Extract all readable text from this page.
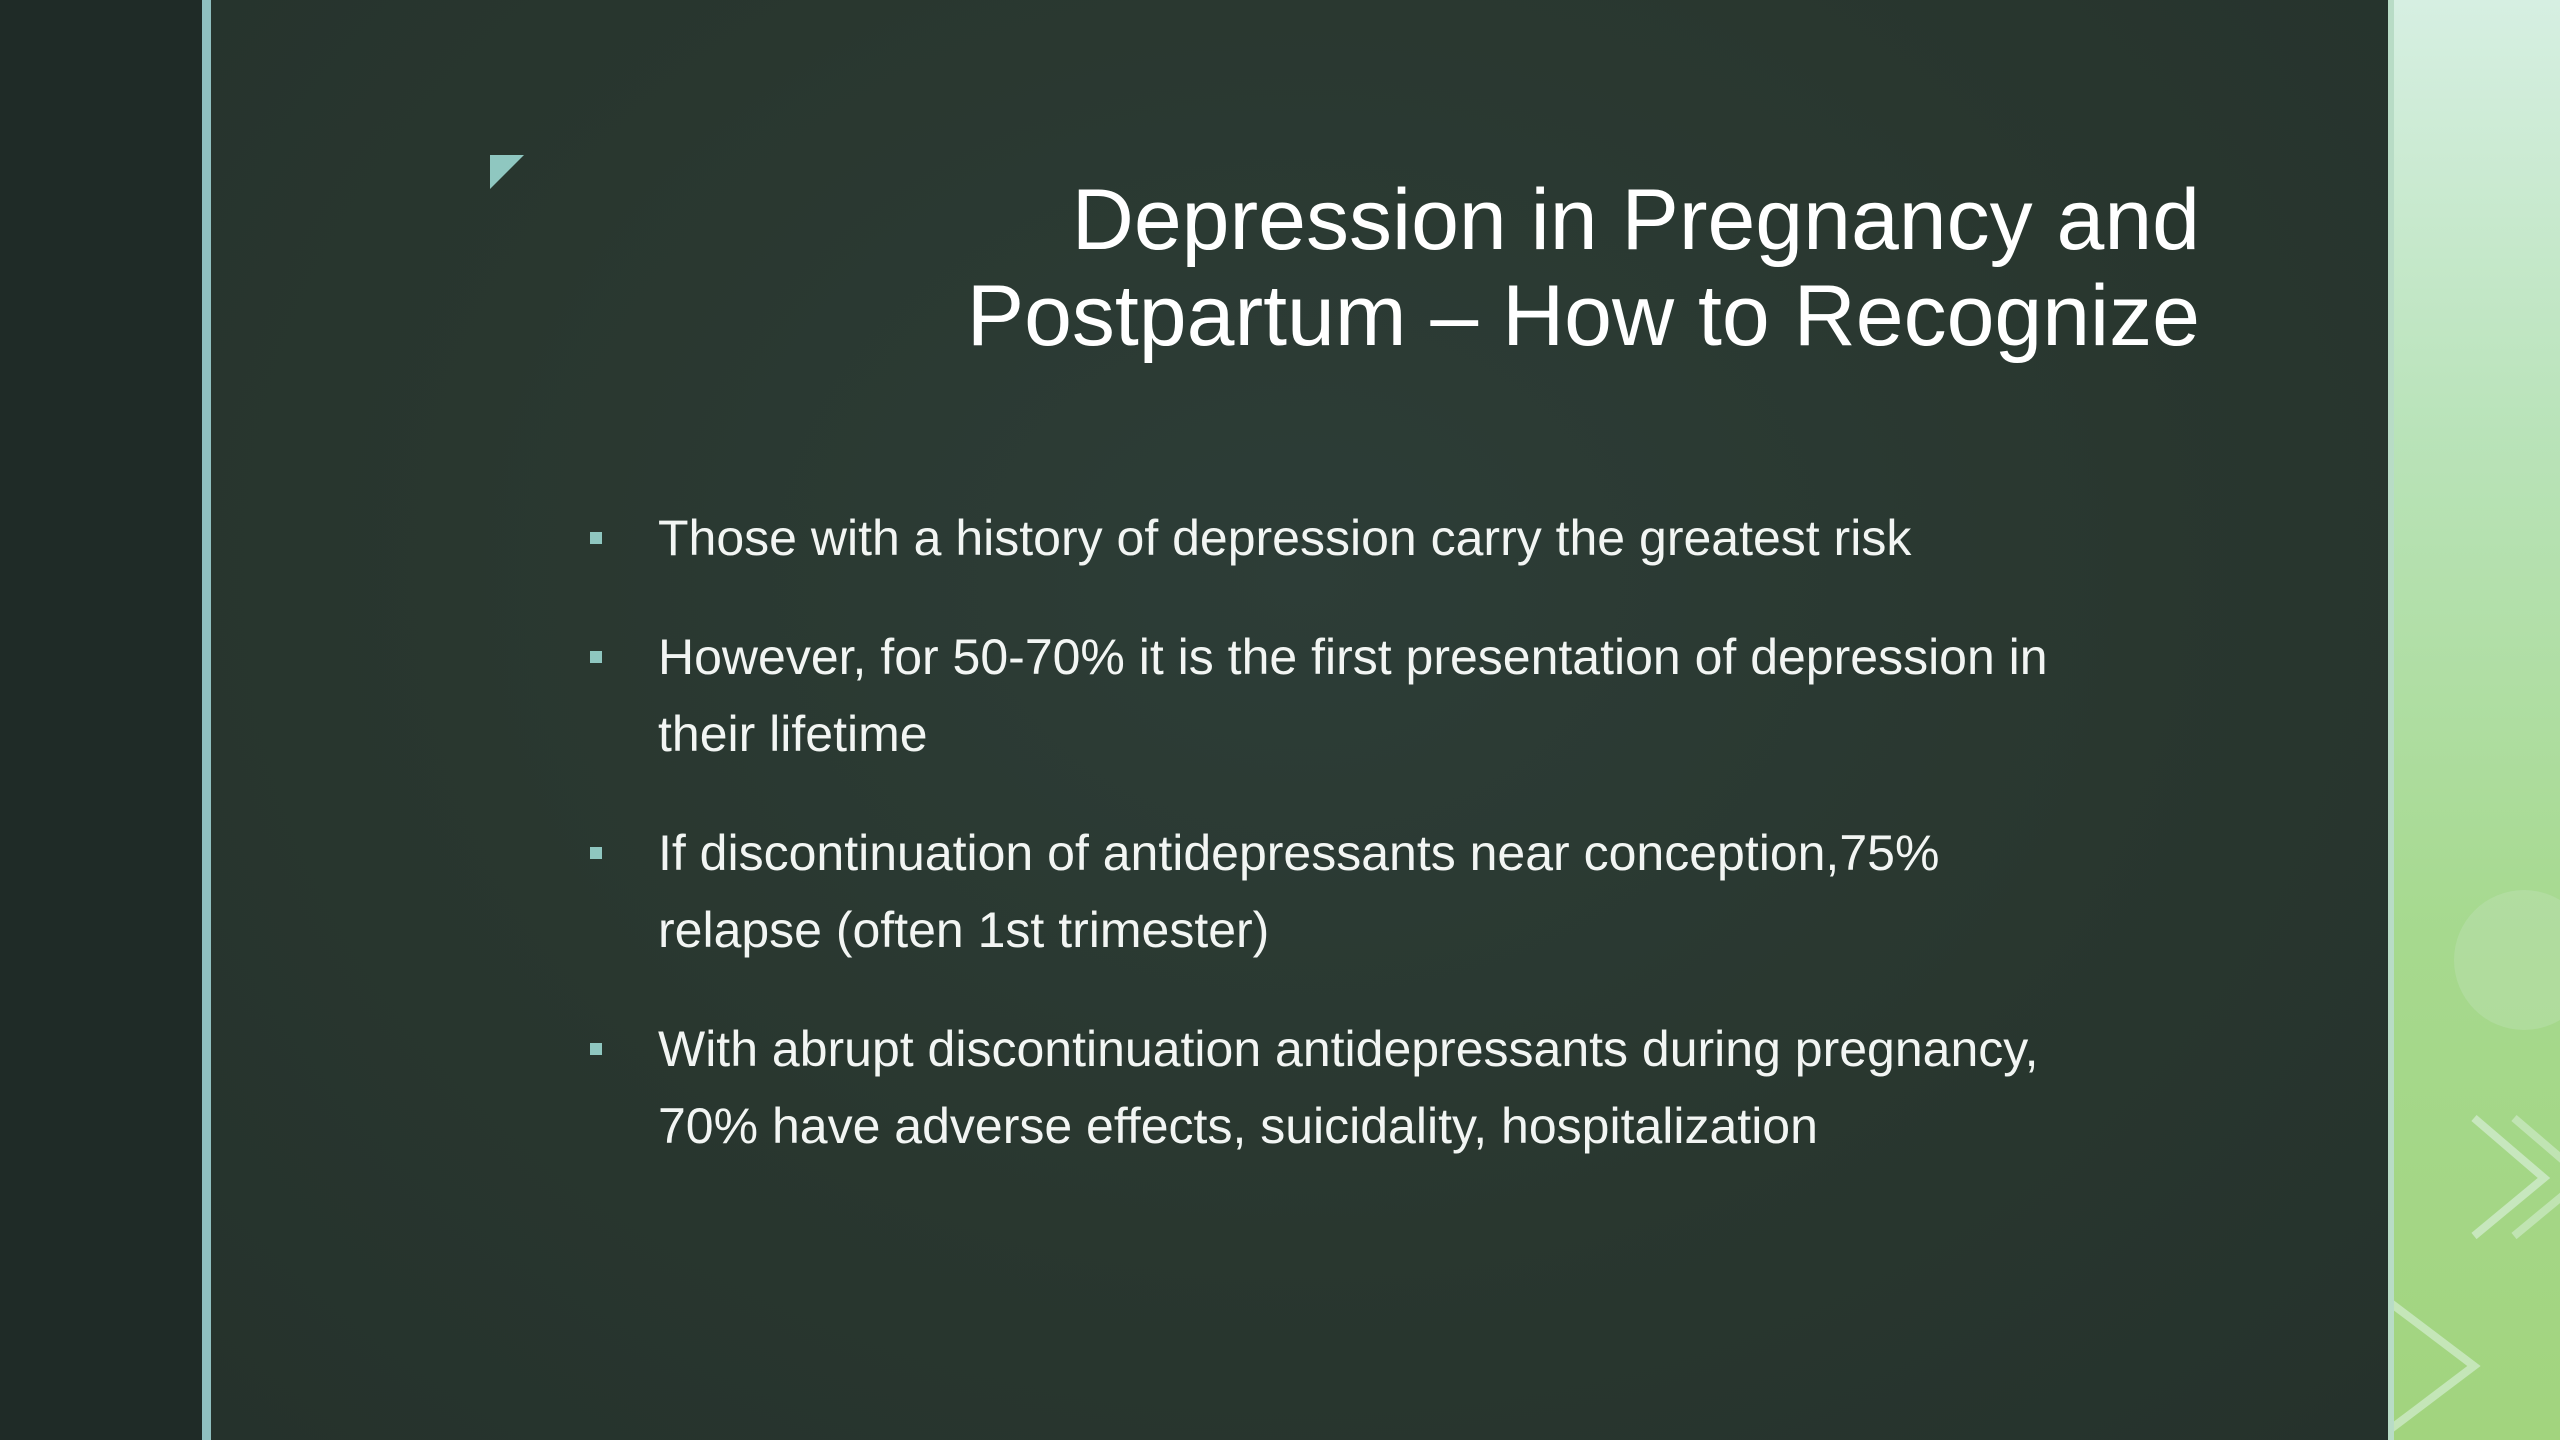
Depression in Pregnancy and
Postpartum – How to Recognize
Those with a history of depression carry the greatest risk
However, for 50-70% it is the first presentation of depression in
their lifetime
If discontinuation of antidepressants near conception,75%
relapse (often 1st trimester)
With abrupt discontinuation antidepressants during pregnancy,
70% have adverse effects, suicidality, hospitalization
